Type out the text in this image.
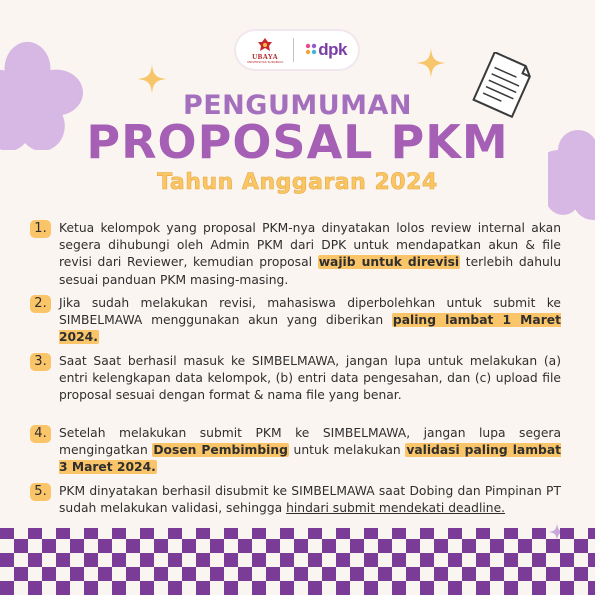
UBAYA
UNIVERSITAS SURABAYA
dpk
PENGUMUMAN
PROPOSAL PKM
Tahun Anggaran 2024
1. Ketua kelompok yang proposal PKM-nya dinyatakan lolos review internal akan segera dihubungi oleh Admin PKM dari DPK untuk mendapatkan akun & file revisi dari Reviewer, kemudian proposal wajib untuk direvisi terlebih dahulu sesuai panduan PKM masing-masing.
2. Jika sudah melakukan revisi, mahasiswa diperbolehkan untuk submit ke SIMBELMAWA menggunakan akun yang diberikan paling lambat 1 Maret 2024.
3. Saat Saat berhasil masuk ke SIMBELMAWA, jangan lupa untuk melakukan (a) entri kelengkapan data kelompok, (b) entri data pengesahan, dan (c) upload file proposal sesuai dengan format & nama file yang benar.
4. Setelah melakukan submit PKM ke SIMBELMAWA, jangan lupa segera mengingatkan Dosen Pembimbing untuk melakukan validasi paling lambat 3 Maret 2024.
5. PKM dinyatakan berhasil disubmit ke SIMBELMAWA saat Dobing dan Pimpinan PT sudah melakukan validasi, sehingga hindari submit mendekati deadline.
